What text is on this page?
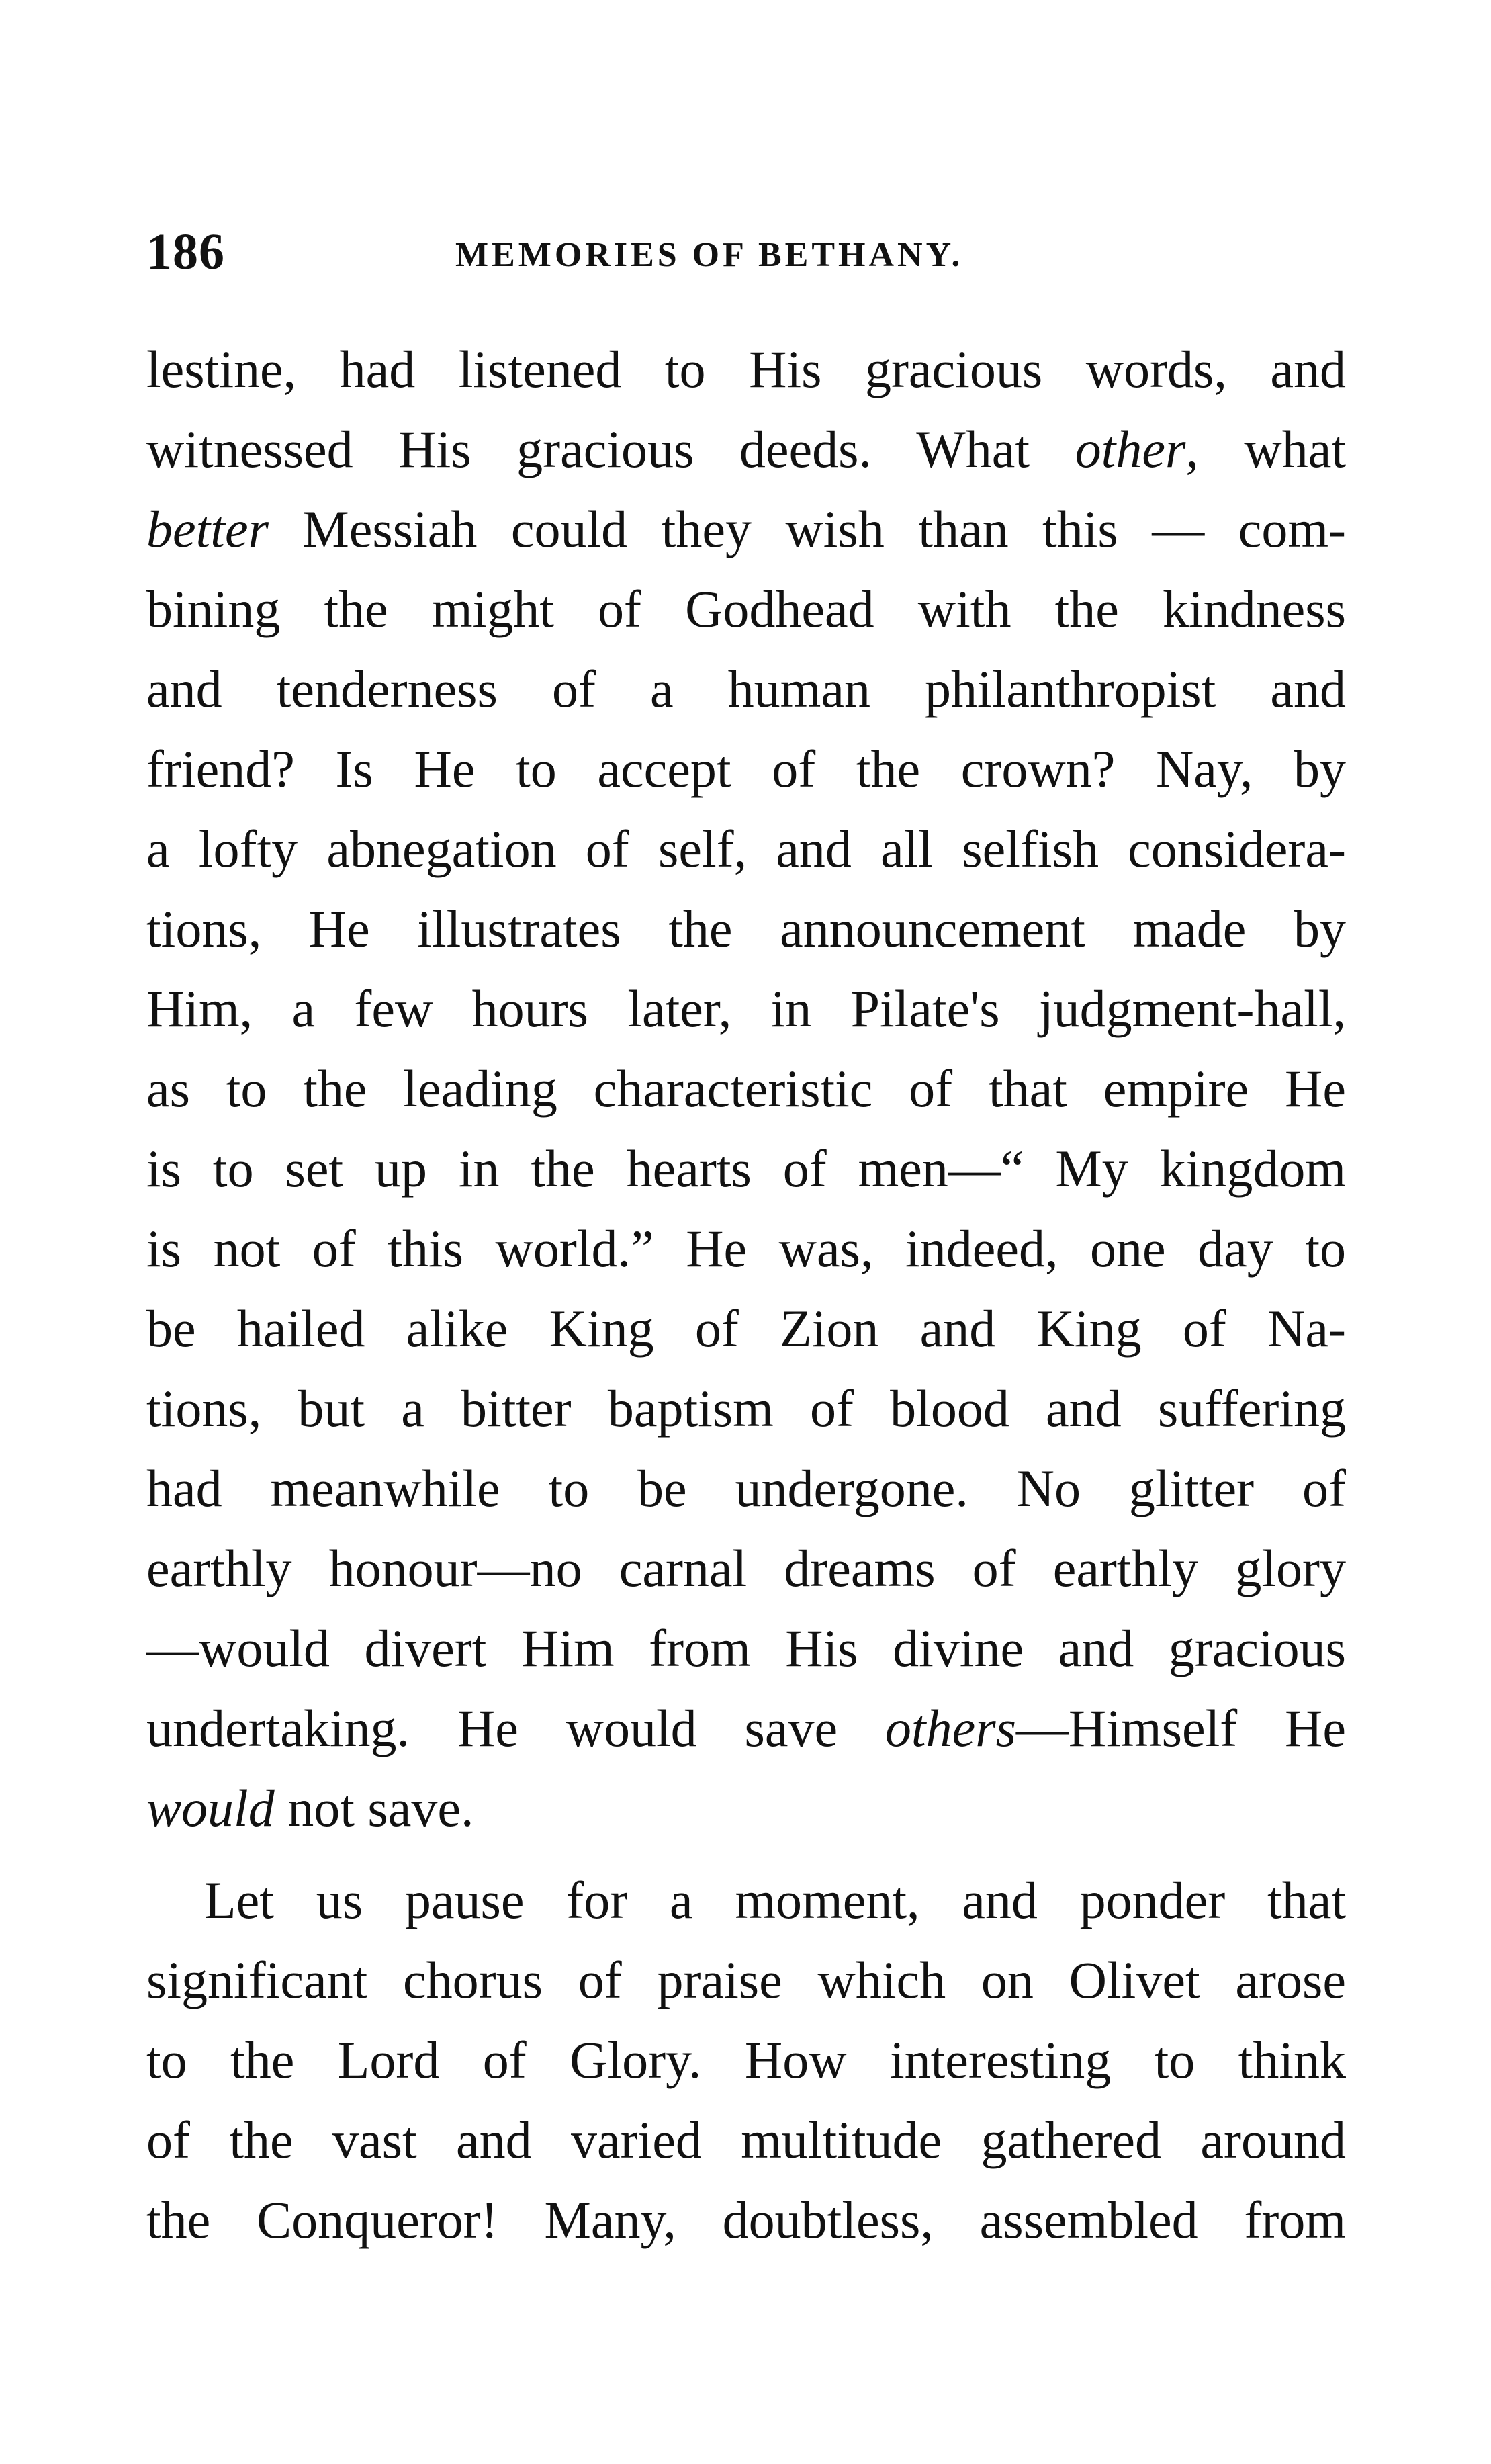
186	MEMORIES OF BETHANY.
lestine, had listened to His gracious words, and
witnessed His gracious deeds. What other, what
better Messiah could they wish than this — com-
bining the might of Godhead with the kindness
and tenderness of a human philanthropist and
friend? Is He to accept of the crown? Nay, by
a lofty abnegation of self, and all selfish considera-
tions, He illustrates the announcement made by
Him, a few hours later, in Pilate's judgment-hall,
as to the leading characteristic of that empire He
is to set up in the hearts of men—“ My kingdom
is not of this world.” He was, indeed, one day to
be hailed alike King of Zion and King of Na-
tions, but a bitter baptism of blood and suffering
had meanwhile to be undergone. No glitter of
earthly honour—no carnal dreams of earthly glory
—would divert Him from His divine and gracious
undertaking. He would save others—Himself He
would not save.
Let us pause for a moment, and ponder that
significant chorus of praise which on Olivet arose
to the Lord of Glory. How interesting to think
of the vast and varied multitude gathered around
the Conqueror! Many, doubtless, assembled from
